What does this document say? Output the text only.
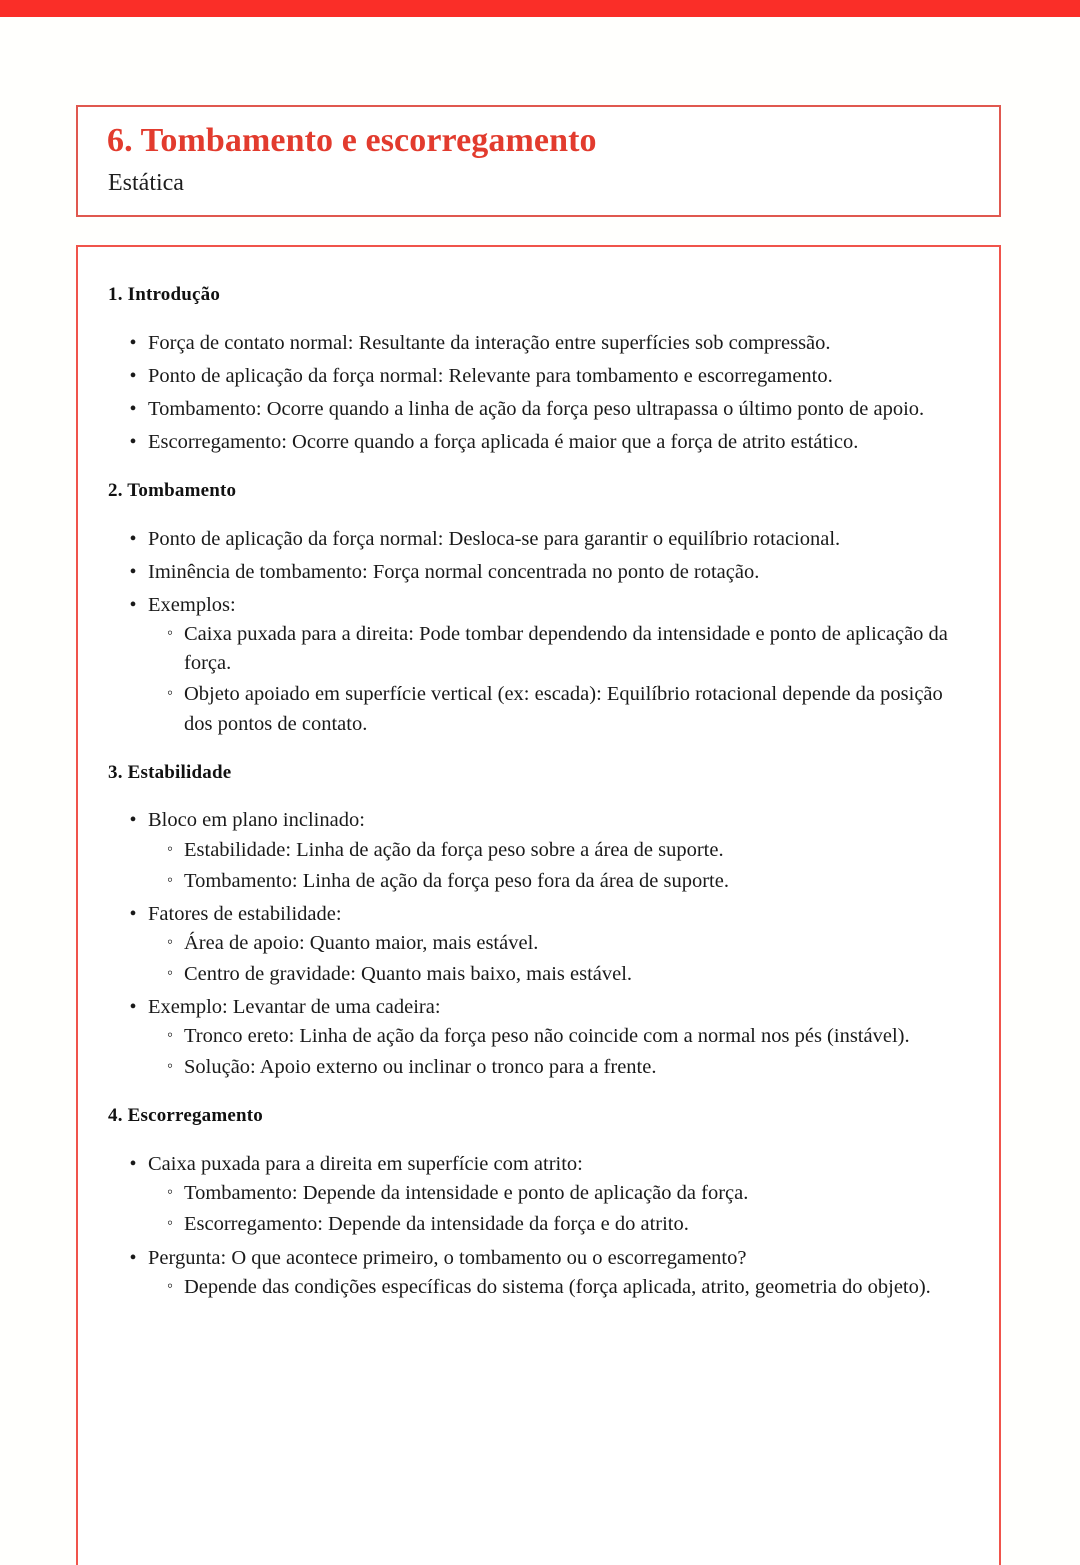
6. Tombamento e escorregamento
Estática
1. Introdução
• Força de contato normal: Resultante da interação entre superfícies sob compressão.
• Ponto de aplicação da força normal: Relevante para tombamento e escorregamento.
• Tombamento: Ocorre quando a linha de ação da força peso ultrapassa o último ponto de apoio.
• Escorregamento: Ocorre quando a força aplicada é maior que a força de atrito estático.
2. Tombamento
• Ponto de aplicação da força normal: Desloca-se para garantir o equilíbrio rotacional.
• Iminência de tombamento: Força normal concentrada no ponto de rotação.
• Exemplos:
◦ Caixa puxada para a direita: Pode tombar dependendo da intensidade e ponto de aplicação da força.
◦ Objeto apoiado em superfície vertical (ex: escada): Equilíbrio rotacional depende da posição dos pontos de contato.
3. Estabilidade
• Bloco em plano inclinado:
◦ Estabilidade: Linha de ação da força peso sobre a área de suporte.
◦ Tombamento: Linha de ação da força peso fora da área de suporte.
• Fatores de estabilidade:
◦ Área de apoio: Quanto maior, mais estável.
◦ Centro de gravidade: Quanto mais baixo, mais estável.
• Exemplo: Levantar de uma cadeira:
◦ Tronco ereto: Linha de ação da força peso não coincide com a normal nos pés (instável).
◦ Solução: Apoio externo ou inclinar o tronco para a frente.
4. Escorregamento
• Caixa puxada para a direita em superfície com atrito:
◦ Tombamento: Depende da intensidade e ponto de aplicação da força.
◦ Escorregamento: Depende da intensidade da força e do atrito.
• Pergunta: O que acontece primeiro, o tombamento ou o escorregamento?
◦ Depende das condições específicas do sistema (força aplicada, atrito, geometria do objeto).
